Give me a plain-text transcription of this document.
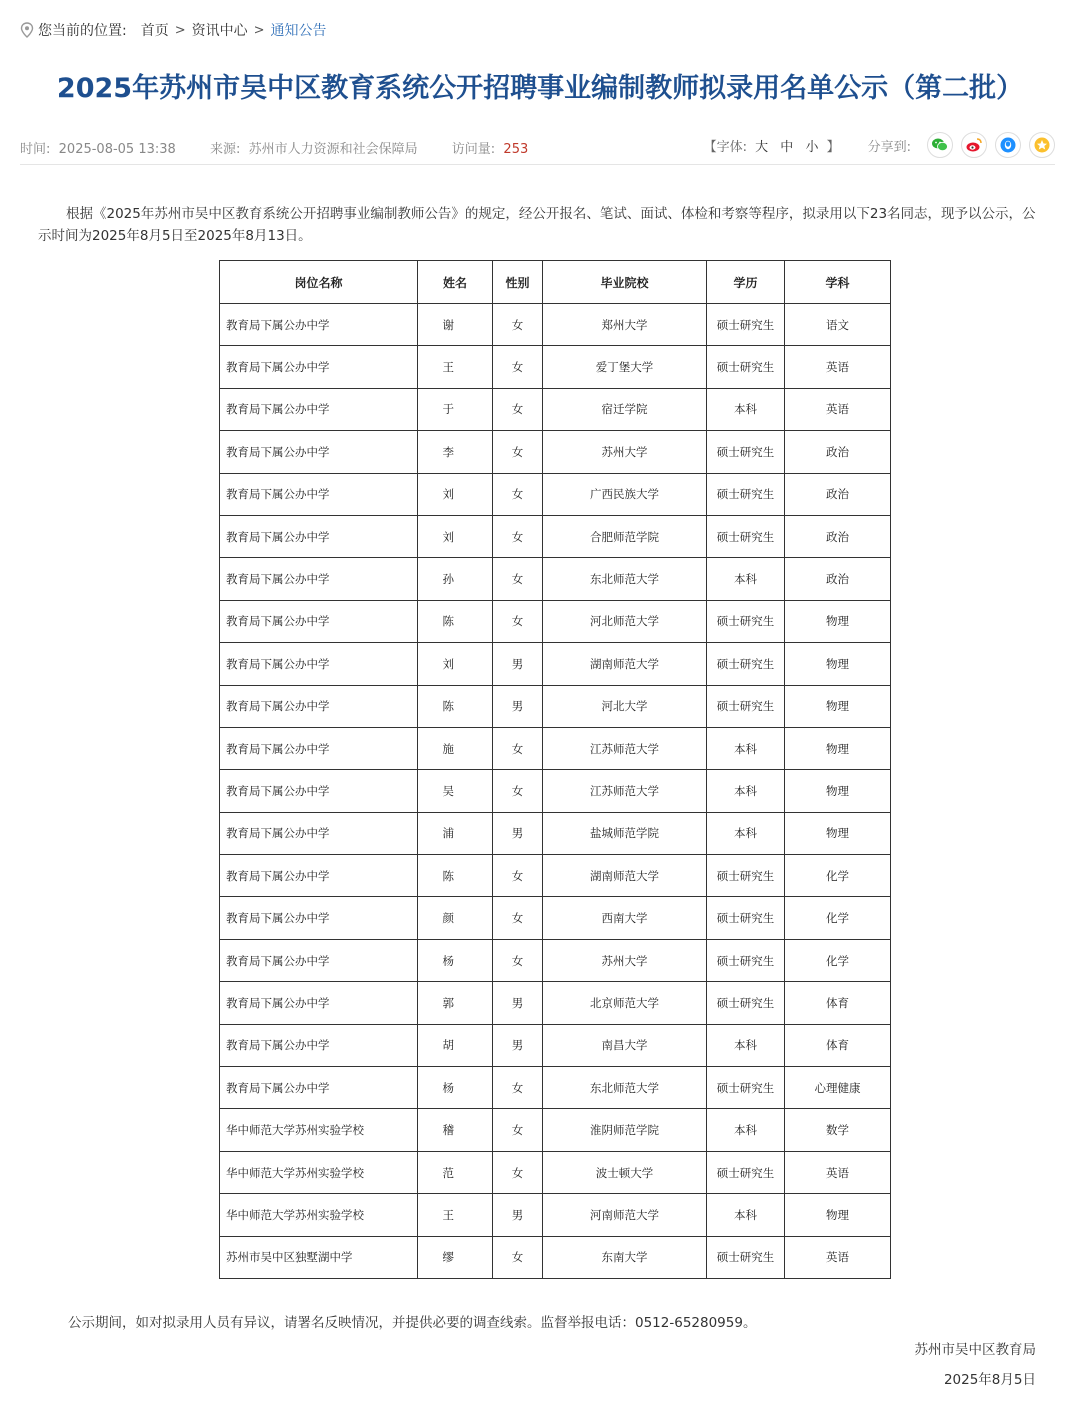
您当前的位置: 首页 > 资讯中心 > 通知公告
2025年苏州市吴中区教育系统公开招聘事业编制教师拟录用名单公示（第二批）
时间: 2025-08-05 13:38	来源: 苏州市人力资源和社会保障局	访问量: 253	【字体: 大 中 小 】 分享到:

根据《2025年苏州市吴中区教育系统公开招聘事业编制教师公告》的规定，经公开报名、笔试、面试、体检和考察等程序，拟录用以下23名同志，现予以公示，公示时间为2025年8月5日至2025年8月13日。

岗位名称	姓名	性别	毕业院校	学历	学科
教育局下属公办中学	谢	女	郑州大学	硕士研究生	语文
教育局下属公办中学	王	女	爱丁堡大学	硕士研究生	英语
教育局下属公办中学	于	女	宿迁学院	本科	英语
教育局下属公办中学	李	女	苏州大学	硕士研究生	政治
教育局下属公办中学	刘	女	广西民族大学	硕士研究生	政治
教育局下属公办中学	刘	女	合肥师范学院	硕士研究生	政治
教育局下属公办中学	孙	女	东北师范大学	本科	政治
教育局下属公办中学	陈	女	河北师范大学	硕士研究生	物理
教育局下属公办中学	刘	男	湖南师范大学	硕士研究生	物理
教育局下属公办中学	陈	男	河北大学	硕士研究生	物理
教育局下属公办中学	施	女	江苏师范大学	本科	物理
教育局下属公办中学	吴	女	江苏师范大学	本科	物理
教育局下属公办中学	浦	男	盐城师范学院	本科	物理
教育局下属公办中学	陈	女	湖南师范大学	硕士研究生	化学
教育局下属公办中学	颜	女	西南大学	硕士研究生	化学
教育局下属公办中学	杨	女	苏州大学	硕士研究生	化学
教育局下属公办中学	郭	男	北京师范大学	硕士研究生	体育
教育局下属公办中学	胡	男	南昌大学	本科	体育
教育局下属公办中学	杨	女	东北师范大学	硕士研究生	心理健康
华中师范大学苏州实验学校	稽	女	淮阴师范学院	本科	数学
华中师范大学苏州实验学校	范	女	波士顿大学	硕士研究生	英语
华中师范大学苏州实验学校	王	男	河南师范大学	本科	物理
苏州市吴中区独墅湖中学	缪	女	东南大学	硕士研究生	英语
公示期间，如对拟录用人员有异议，请署名反映情况，并提供必要的调查线索。监督举报电话：0512-65280959。
苏州市吴中区教育局
2025年8月5日
